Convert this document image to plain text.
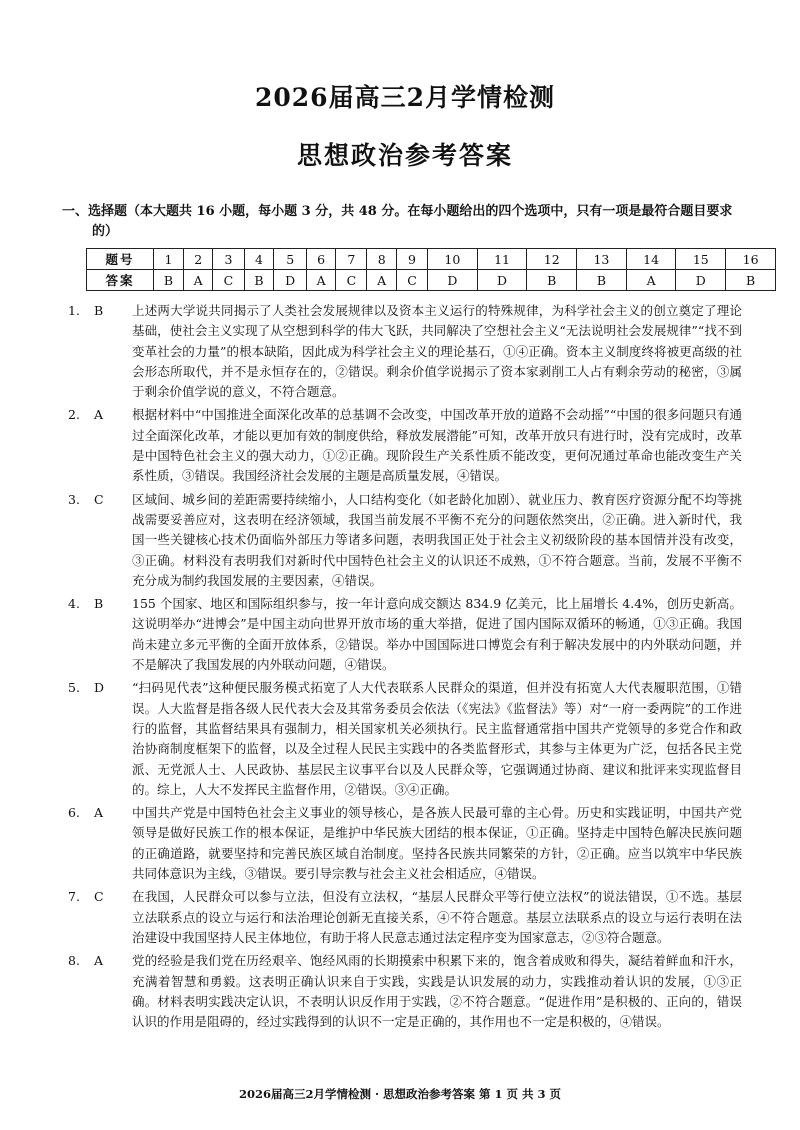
2026届高三2月学情检测
思想政治参考答案
一、选择题（本大题共 16 小题，每小题 3 分，共 48 分。在每小题给出的四个选项中，只有一项是最符合题目要求的）
题号	1	2	3	4	5	6	7	8	9	10	11	12	13	14	15	16
答案	B	A	C	B	D	A	C	A	C	D	D	B	B	A	D	B
1.	B	上述两大学说共同揭示了人类社会发展规律以及资本主义运行的特殊规律，为科学社会主义的创立奠定了理论基础，使社会主义实现了从空想到科学的伟大飞跃，共同解决了空想社会主义“无法说明社会发展规律”“找不到变革社会的力量”的根本缺陷，因此成为科学社会主义的理论基石，①④正确。资本主义制度终将被更高级的社会形态所取代，并不是永恒存在的，②错误。剩余价值学说揭示了资本家剥削工人占有剩余劳动的秘密，③属于剩余价值学说的意义，不符合题意。
2.	A	根据材料中“中国推进全面深化改革的总基调不会改变，中国改革开放的道路不会动摇”“中国的很多问题只有通过全面深化改革，才能以更加有效的制度供给，释放发展潜能”可知，改革开放只有进行时，没有完成时，改革是中国特色社会主义的强大动力，①②正确。现阶段生产关系性质不能改变，更何况通过革命也能改变生产关系性质，③错误。我国经济社会发展的主题是高质量发展，④错误。
3.	C	区域间、城乡间的差距需要持续缩小，人口结构变化（如老龄化加剧）、就业压力、教育医疗资源分配不均等挑战需要妥善应对，这表明在经济领域，我国当前发展不平衡不充分的问题依然突出，②正确。进入新时代，我国一些关键核心技术仍面临外部压力等诸多问题，表明我国正处于社会主义初级阶段的基本国情并没有改变，③正确。材料没有表明我们对新时代中国特色社会主义的认识还不成熟，①不符合题意。当前，发展不平衡不充分成为制约我国发展的主要因素，④错误。
4.	B	155 个国家、地区和国际组织参与，按一年计意向成交额达 834.9 亿美元，比上届增长 4.4%，创历史新高。这说明举办“进博会”是中国主动向世界开放市场的重大举措，促进了国内国际双循环的畅通，①③正确。我国尚未建立多元平衡的全面开放体系，②错误。举办中国国际进口博览会有利于解决发展中的内外联动问题，并不是解决了我国发展的内外联动问题，④错误。
5.	D	“扫码见代表”这种便民服务模式拓宽了人大代表联系人民群众的渠道，但并没有拓宽人大代表履职范围，①错误。人大监督是指各级人民代表大会及其常务委员会依法（《宪法》《监督法》等）对“一府一委两院”的工作进行的监督，其监督结果具有强制力，相关国家机关必须执行。民主监督通常指中国共产党领导的多党合作和政治协商制度框架下的监督，以及全过程人民民主实践中的各类监督形式，其参与主体更为广泛，包括各民主党派、无党派人士、人民政协、基层民主议事平台以及人民群众等，它强调通过协商、建议和批评来实现监督目的。综上，人大不发挥民主监督作用，②错误。③④正确。
6.	A	中国共产党是中国特色社会主义事业的领导核心，是各族人民最可靠的主心骨。历史和实践证明，中国共产党领导是做好民族工作的根本保证，是维护中华民族大团结的根本保证，①正确。坚持走中国特色解决民族问题的正确道路，就要坚持和完善民族区域自治制度。坚持各民族共同繁荣的方针，②正确。应当以筑牢中华民族共同体意识为主线，③错误。要引导宗教与社会主义社会相适应，④错误。
7.	C	在我国，人民群众可以参与立法，但没有立法权，“基层人民群众平等行使立法权”的说法错误，①不选。基层立法联系点的设立与运行和法治理论创新无直接关系，④不符合题意。基层立法联系点的设立与运行表明在法治建设中我国坚持人民主体地位，有助于将人民意志通过法定程序变为国家意志，②③符合题意。
8.	A	党的经验是我们党在历经艰辛、饱经风雨的长期摸索中积累下来的，饱含着成败和得失，凝结着鲜血和汗水，充满着智慧和勇毅。这表明正确认识来自于实践，实践是认识发展的动力，实践推动着认识的发展，①③正确。材料表明实践决定认识，不表明认识反作用于实践，②不符合题意。“促进作用”是积极的、正向的，错误认识的作用是阻碍的，经过实践得到的认识不一定是正确的，其作用也不一定是积极的，④错误。
2026届高三2月学情检测 · 思想政治参考答案 第 1 页 共 3 页
